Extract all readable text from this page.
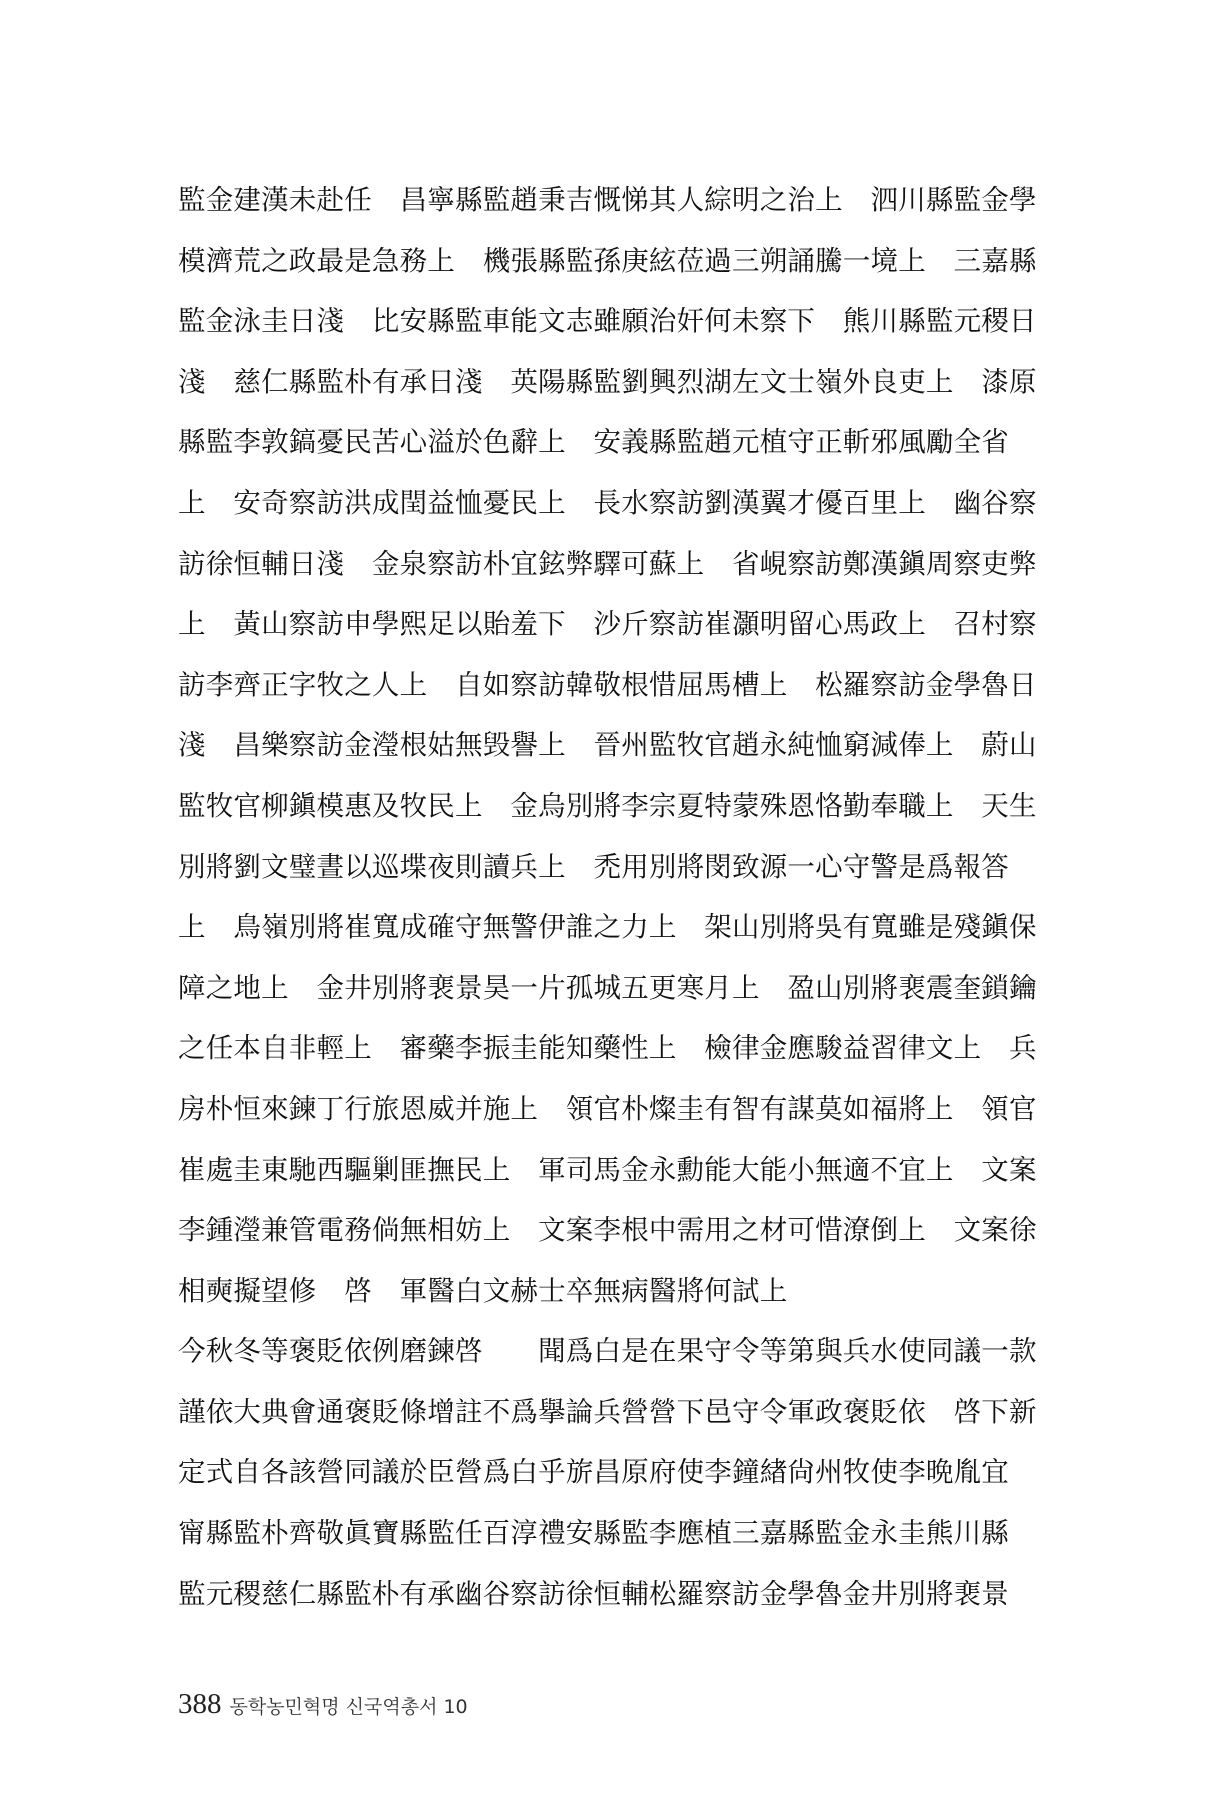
監金建漢未赴任　昌寧縣監趙秉吉慨悌其人綜明之治上　泗川縣監金學
模濟荒之政最是急務上　機張縣監孫庚絃莅過三朔誦騰一境上　三嘉縣
監金泳圭日淺　比安縣監車能文志雖願治奸何未察下　熊川縣監元稷日
淺　慈仁縣監朴有承日淺　英陽縣監劉興烈湖左文士嶺外良吏上　漆原
縣監李敦鎬憂民苦心溢於色辭上　安義縣監趙元植守正斬邪風勵全省
上　安奇察訪洪成閏益恤憂民上　長水察訪劉漢翼才優百里上　幽谷察
訪徐恒輔日淺　金泉察訪朴宜鉉弊驛可蘇上　省峴察訪鄭漢鎭周察吏弊
上　黃山察訪申學熙足以貽羞下　沙斤察訪崔灝明留心馬政上　召村察
訪李齊正字牧之人上　自如察訪韓敬根惜屈馬槽上　松羅察訪金學魯日
淺　昌樂察訪金瀅根姑無毁譽上　晉州監牧官趙永純恤窮減俸上　蔚山
監牧官柳鎭模惠及牧民上　金烏別將李宗夏特蒙殊恩恪勤奉職上　天生
別將劉文璧晝以巡堞夜則讀兵上　禿用別將閔致源一心守警是爲報答
上　鳥嶺別將崔寬成確守無警伊誰之力上　架山別將吳有寬雖是殘鎭保
障之地上　金井別將裵景昊一片孤城五更寒月上　盈山別將裵震奎鎖鑰
之任本自非輕上　審藥李振圭能知藥性上　檢律金應駿益習律文上　兵
房朴恒來鍊丁行旅恩威并施上　領官朴燦圭有智有謀莫如福將上　領官
崔處圭東馳西驅剿匪撫民上　軍司馬金永勳能大能小無適不宜上　文案
李鍾瀅兼管電務倘無相妨上　文案李根中需用之材可惜潦倒上　文案徐
相奭擬望修　啓　軍醫白文赫士卒無病醫將何試上
今秋冬等褒貶依例磨鍊啓　　聞爲白是在果守令等第與兵水使同議一款
謹依大典會通褒貶條增註不爲擧論兵營營下邑守令軍政褒貶依　啓下新
定式自各該營同議於臣營爲白乎旂昌原府使李鐘緖尙州牧使李晩胤宜
甯縣監朴齊敬眞寶縣監任百淳禮安縣監李應植三嘉縣監金永圭熊川縣
監元稷慈仁縣監朴有承幽谷察訪徐恒輔松羅察訪金學魯金井別將裵景
388 동학농민혁명 신국역총서 10
